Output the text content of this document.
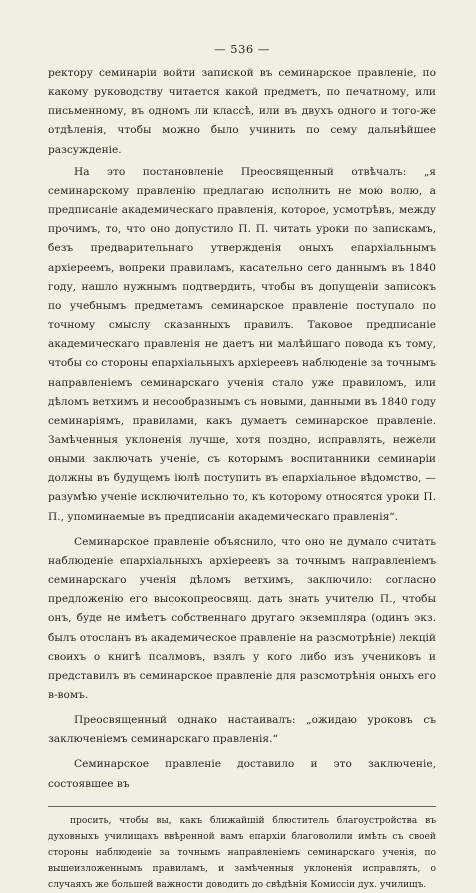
— 536 —

ректору семинаріи войти запиской въ семинарское правленіе, по какому руководству читается какой предметъ, по печатному, или письменному, въ одномъ ли классѣ, или въ двухъ одного и того-же отдѣленія, чтобы можно было учинить по сему дальнѣйшее разсужденіе.

На это постановленіе Преосвященный отвѣчалъ: „я семинарскому правленію предлагаю исполнить не мою волю, а предписаніе академическаго правленія, которое, усмотрѣвъ, между прочимъ, то, что оно допустило П. П. читать уроки по запискамъ, безъ предварительнаго утвержденія оныхъ епархіальнымъ архіереемъ, вопреки правиламъ, касательно сего даннымъ въ 1840 году, нашло нужнымъ подтвердить, чтобы въ допущеніи записокъ по учебнымъ предметамъ семинарское правленіе поступало по точному смыслу сказанныхъ правилъ. Таковое предписаніе академическаго правленія не даетъ ни малѣйшаго повода къ тому, чтобы со стороны епархіальныхъ архіереевъ наблюденіе за точнымъ направленіемъ семинарскаго ученія стало уже правиломъ, или дѣломъ ветхимъ и несообразнымъ съ новыми, данными въ 1840 году семинаріямъ, правилами, какъ думаетъ семинарское правленіе. Замѣченныя уклоненія лучше, хотя поздно, исправлять, нежели оными заключать ученіе, съ которымъ воспитанники семинаріи должны въ будущемъ іюлѣ поступить въ епархіальное вѣдомство, — разумѣю ученіе исключительно то, къ которому относятся уроки П. П., упоминаемые въ предписаніи академическаго правленія“.

Семинарское правленіе объяснило, что оно не думало считать наблюденіе епархіальныхъ архіереевъ за точнымъ направленіемъ семинарскаго ученія дѣломъ ветхимъ, заключило: согласно предложенію его высокопреосвящ. дать знать учителю П., чтобы онъ, буде не имѣетъ собственнаго другаго экземпляра (одинъ экз. былъ отосланъ въ академическое правленіе на разсмотрѣніе) лекцій своихъ о книгѣ псалмовъ, взялъ у кого либо изъ учениковъ и представилъ въ семинарское правленіе для разсмотрѣнія оныхъ его в-вомъ.

Преосвященный однако настаивалъ: „ожидаю уроковъ съ заключеніемъ семинарскаго правленія.“

Семинарское правленіе доставило и это заключеніе, состоявшее въ

просить, чтобы вы, какъ ближайшій блюститель благоустройства въ духовныхъ училищахъ ввѣренной вамъ епархіи благоволили имѣть съ своей стороны наблюденіе за точнымъ направленіемъ семинарскаго ученія, по вышеизложеннымъ правиламъ, и замѣченныя уклоненія исправлять, о случаяхъ же большей важности доводить до свѣдѣнія Комиссіи дух. училищъ.
